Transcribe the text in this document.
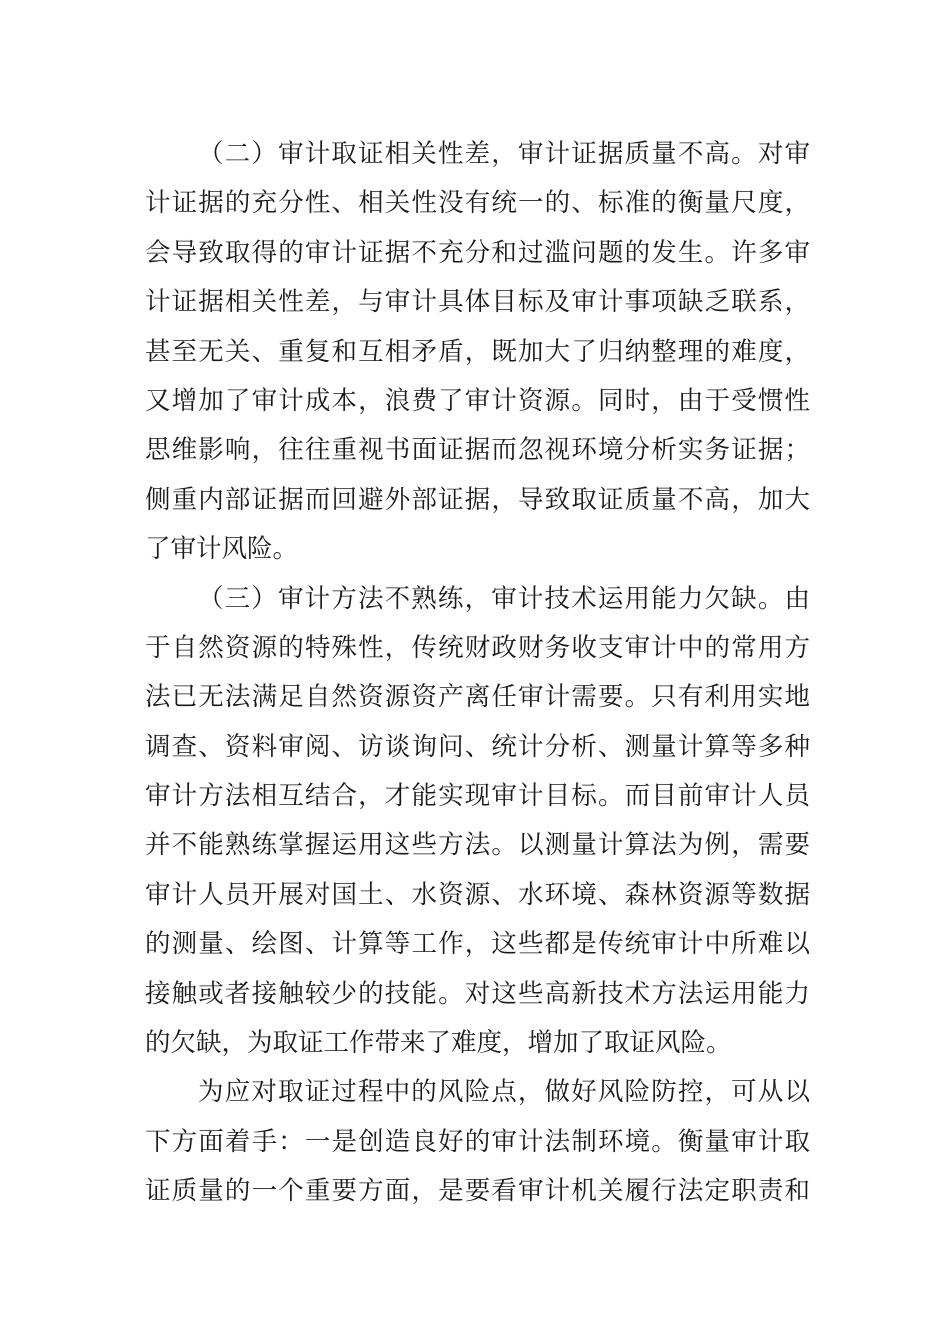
（二）审计取证相关性差，审计证据质量不高。对审
计证据的充分性、相关性没有统一的、标准的衡量尺度，
会导致取得的审计证据不充分和过滥问题的发生。许多审
计证据相关性差，与审计具体目标及审计事项缺乏联系，
甚至无关、重复和互相矛盾，既加大了归纳整理的难度，
又增加了审计成本，浪费了审计资源。同时，由于受惯性
思维影响，往往重视书面证据而忽视环境分析实务证据；
侧重内部证据而回避外部证据，导致取证质量不高，加大
了审计风险。
（三）审计方法不熟练，审计技术运用能力欠缺。由
于自然资源的特殊性，传统财政财务收支审计中的常用方
法已无法满足自然资源资产离任审计需要。只有利用实地
调查、资料审阅、访谈询问、统计分析、测量计算等多种
审计方法相互结合，才能实现审计目标。而目前审计人员
并不能熟练掌握运用这些方法。以测量计算法为例，需要
审计人员开展对国土、水资源、水环境、森林资源等数据
的测量、绘图、计算等工作，这些都是传统审计中所难以
接触或者接触较少的技能。对这些高新技术方法运用能力
的欠缺，为取证工作带来了难度，增加了取证风险。
为应对取证过程中的风险点，做好风险防控，可从以
下方面着手：一是创造良好的审计法制环境。衡量审计取
证质量的一个重要方面，是要看审计机关履行法定职责和
